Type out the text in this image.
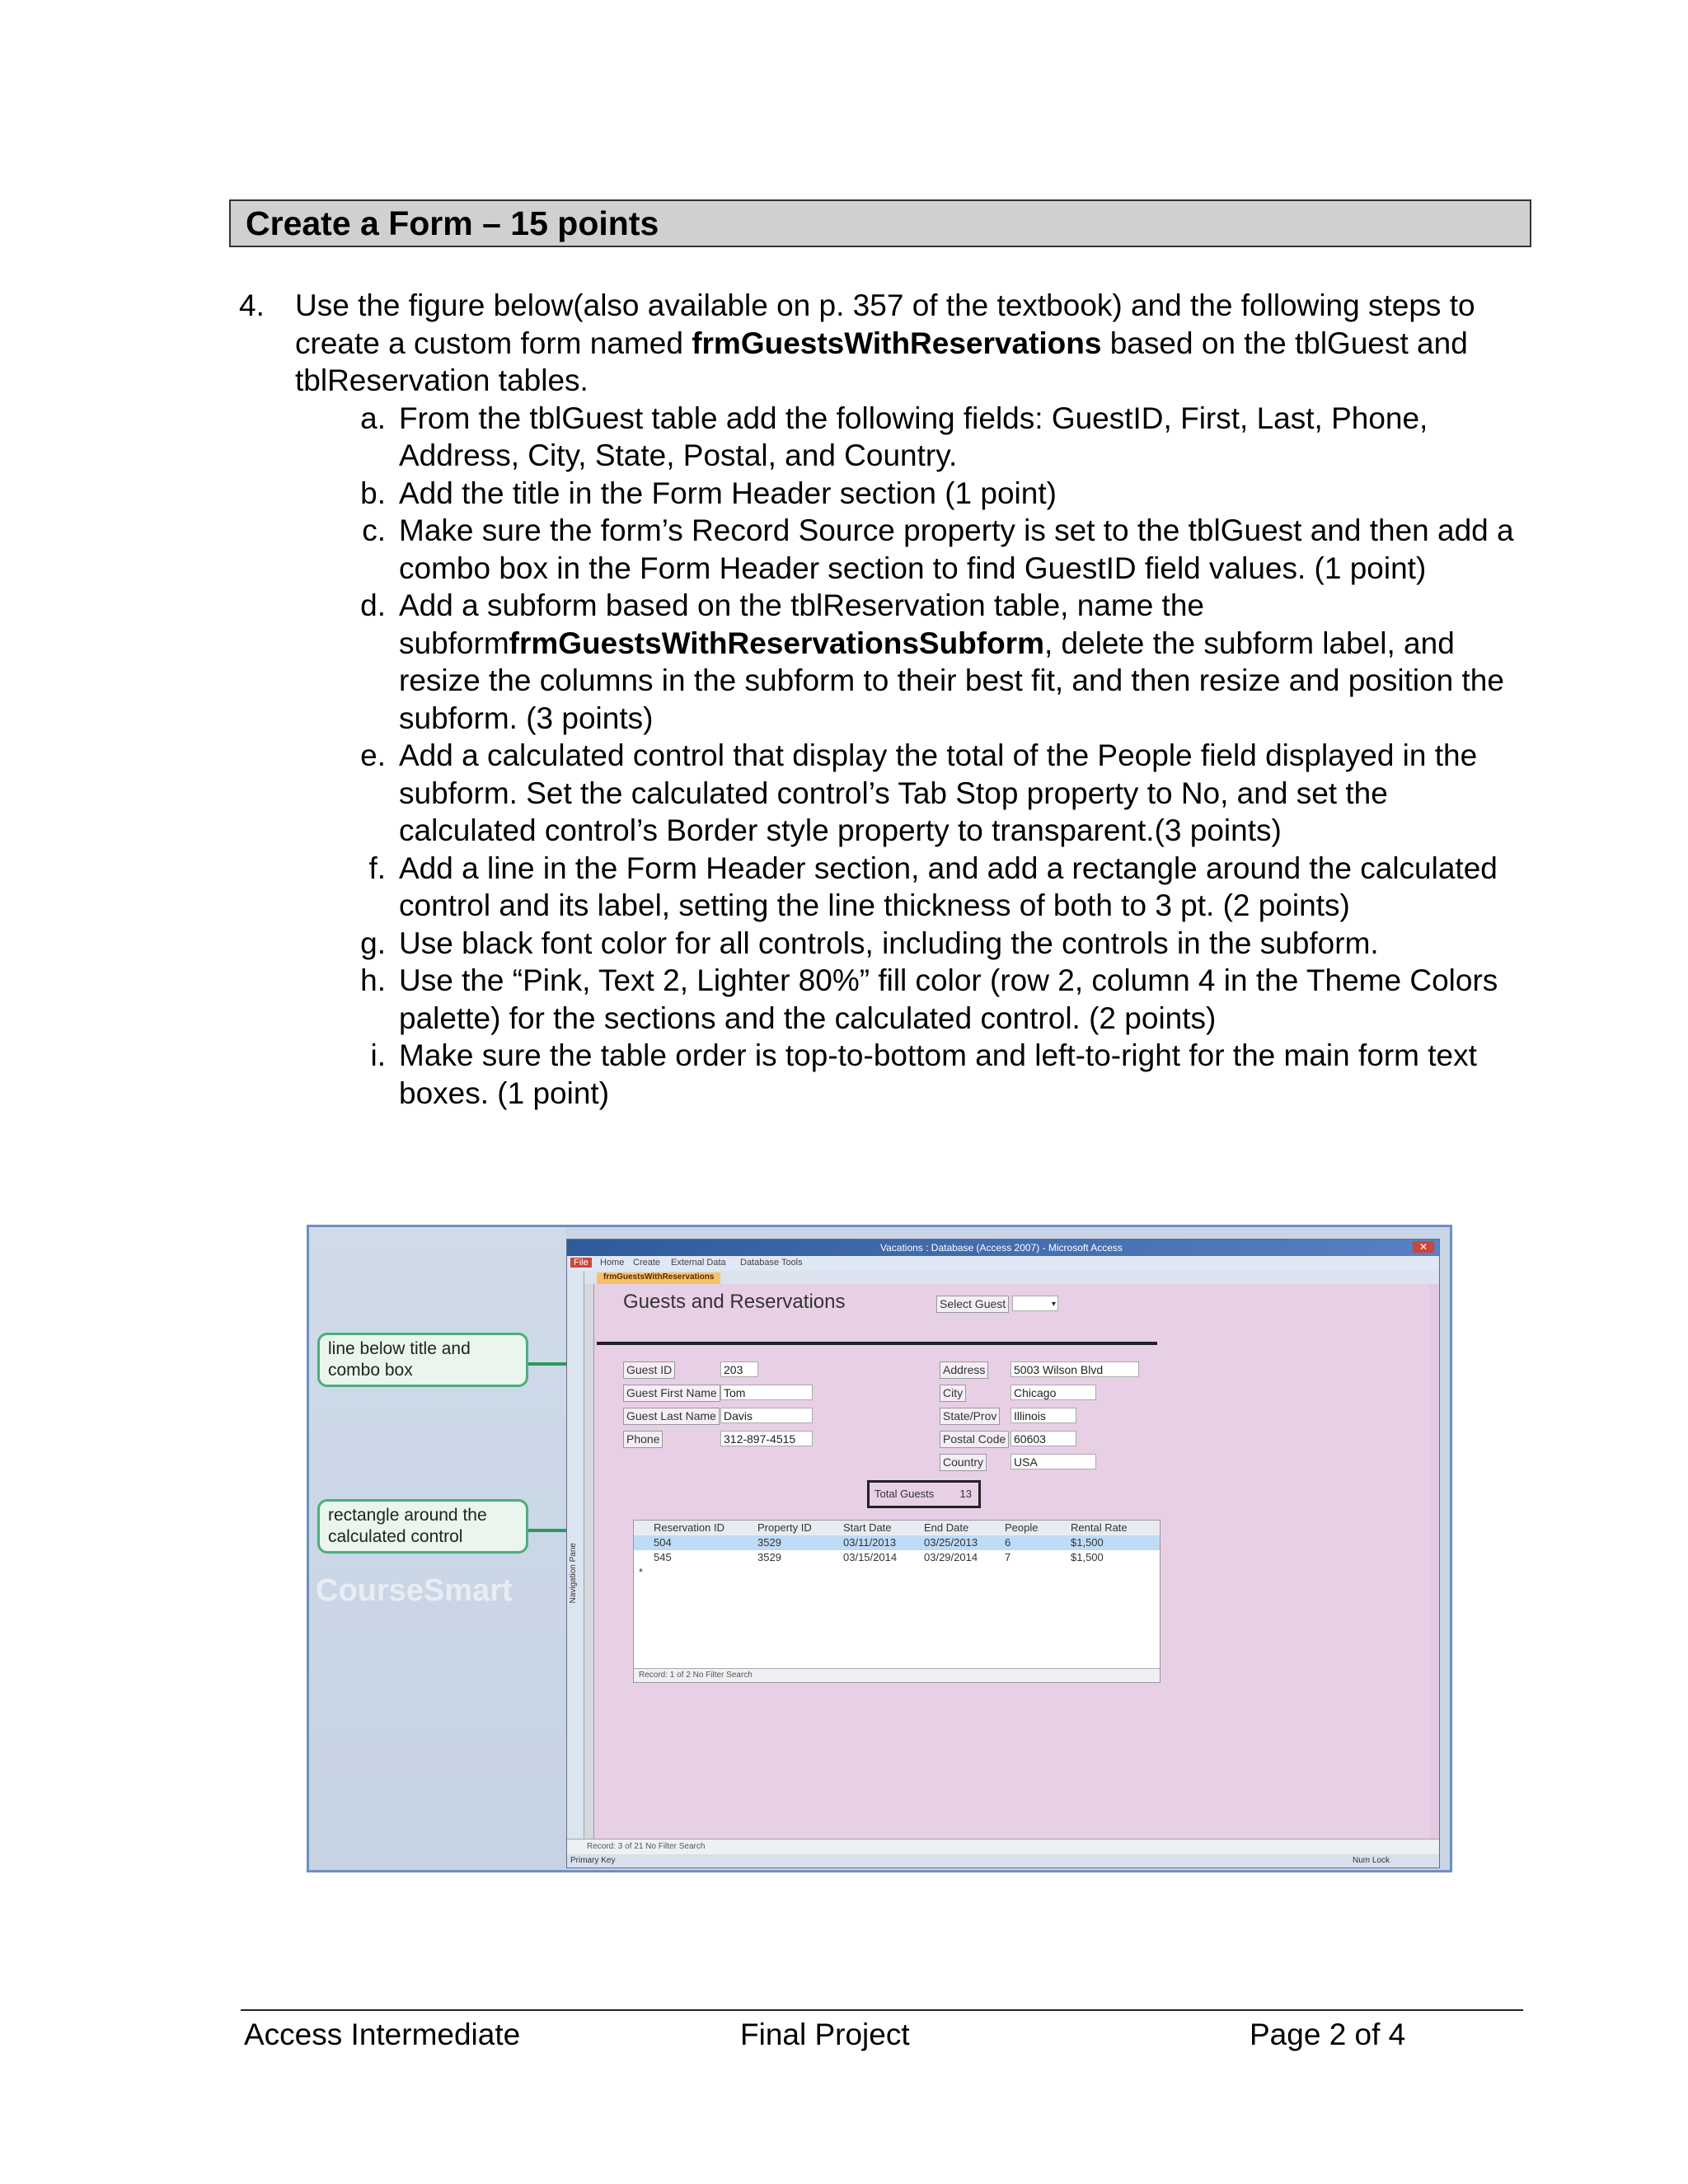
Create a Form – 15 points
4.	Use the figure below(also available on p. 357 of the textbook) and the following steps to create a custom form named frmGuestsWithReservations based on the tblGuest and tblReservation tables.
a. From the tblGuest table add the following fields: GuestID, First, Last, Phone, Address, City, State, Postal, and Country.
b. Add the title in the Form Header section (1 point)
c. Make sure the form’s Record Source property is set to the tblGuest and then add a combo box in the Form Header section to find GuestID field values. (1 point)
d. Add a subform based on the tblReservation table, name the subformfrmGuestsWithReservationsSubform, delete the subform label, and resize the columns in the subform to their best fit, and then resize and position the subform. (3 points)
e. Add a calculated control that display the total of the People field displayed in the subform. Set the calculated control’s Tab Stop property to No, and set the calculated control’s Border style property to transparent.(3 points)
f. Add a line in the Form Header section, and add a rectangle around the calculated control and its label, setting the line thickness of both to 3 pt. (2 points)
g. Use black font color for all controls, including the controls in the subform.
h. Use the “Pink, Text 2, Lighter 80%” fill color (row 2, column 4 in the Theme Colors palette) for the sections and the calculated control. (2 points)
i. Make sure the table order is top-to-bottom and left-to-right for the main form text boxes. (1 point)
CourseSmart
line below title and combo box
rectangle around the calculated control
Vacations : Database (Access 2007) - Microsoft Access	✕
File	Home Create External Data Database Tools
frmGuestsWithReservations
Navigation Pane
Guests and Reservations	Select Guest	▾
Guest ID	203
Guest First Name Tom
Guest Last Name Davis
Phone	312-897-4515
Address 5003 Wilson Blvd
City	Chicago
State/Prov Illinois
Postal Code 60603
Country	USA
Total Guests 13
Reservation ID	Property ID	Start Date	End Date	People	Rental Rate
504	3529	03/11/2013	03/25/2013	6	$1,500
545	3529	03/15/2014	03/29/2014	7	$1,500
*
Record: 1 of 2 No Filter Search
Record: 3 of 21 No Filter Search
Primary Key	Num Lock
Access Intermediate	Final Project	Page 2 of 4
